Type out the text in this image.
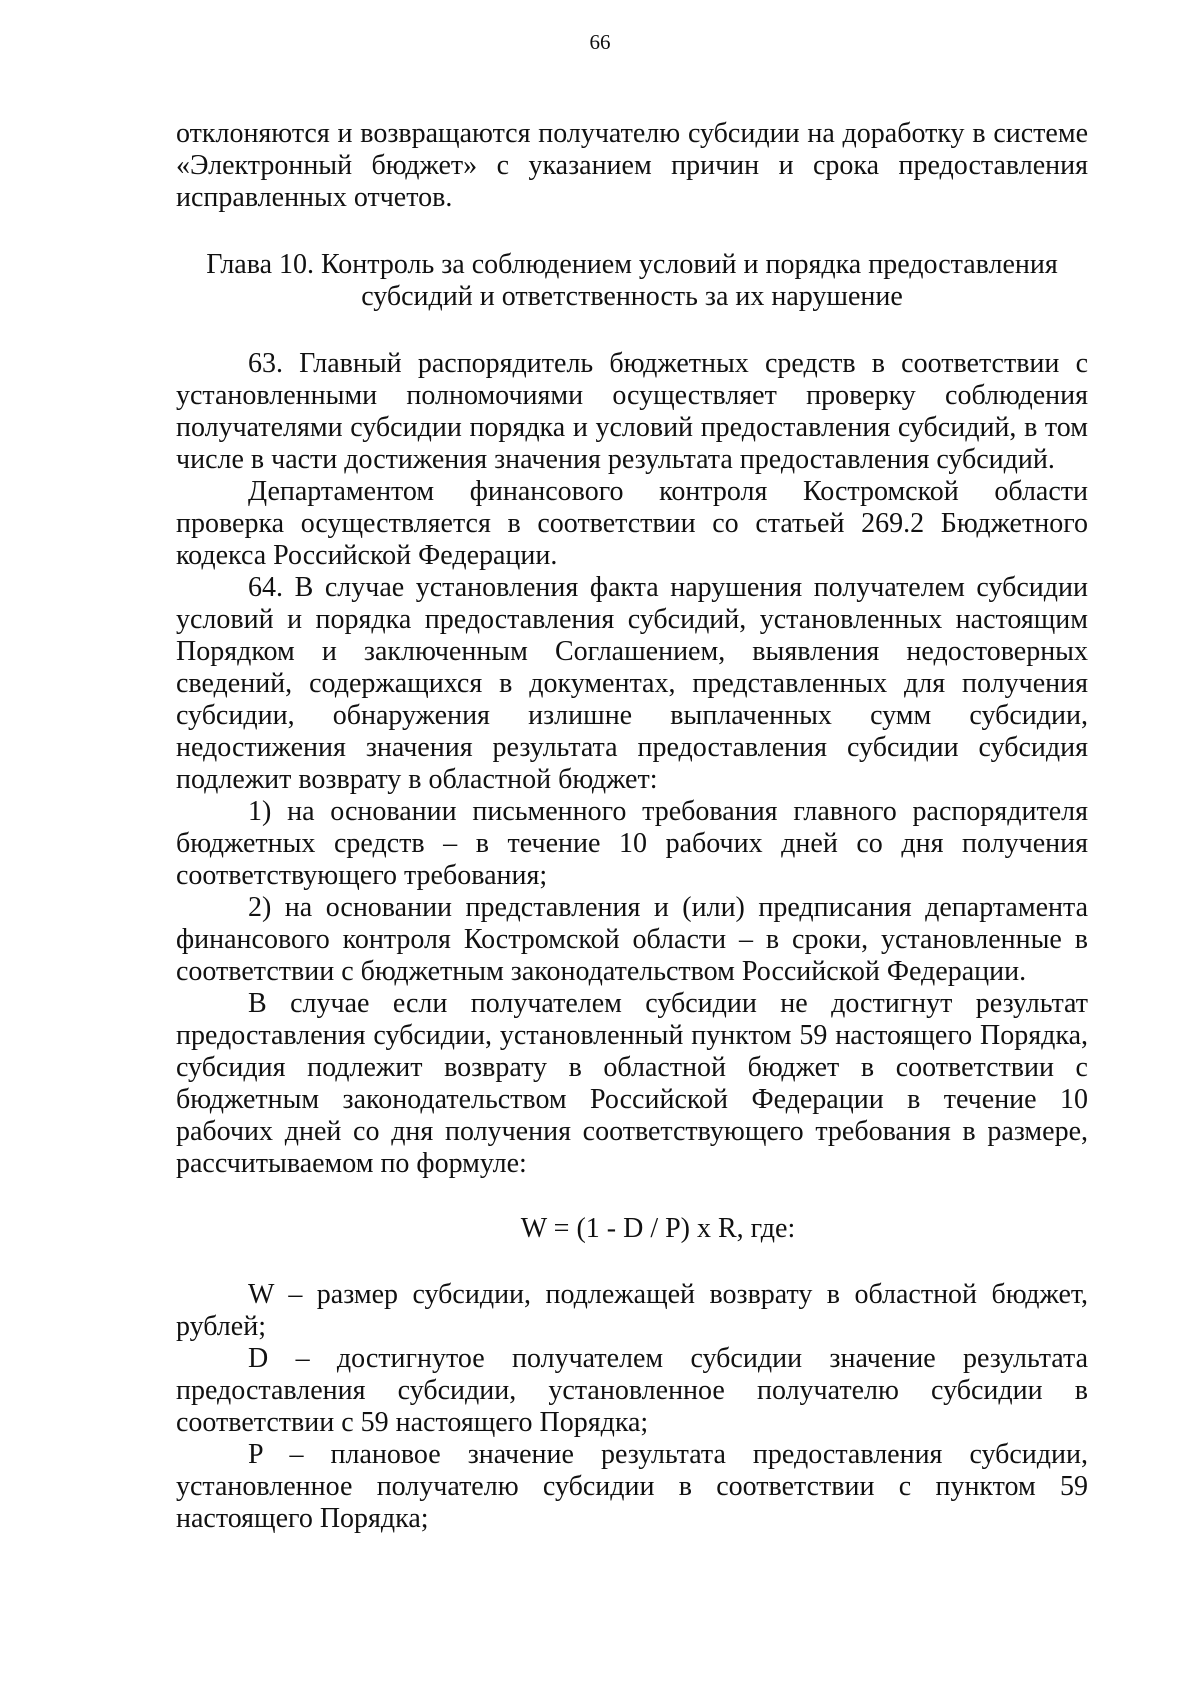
66

отклоняются и возвращаются получателю субсидии на доработку в системе «Электронный бюджет» с указанием причин и срока предоставления исправленных отчетов.

Глава 10. Контроль за соблюдением условий и порядка предоставления
субсидий и ответственность за их нарушение

63. Главный распорядитель бюджетных средств в соответствии с установленными полномочиями осуществляет проверку соблюдения получателями субсидии порядка и условий предоставления субсидий, в том числе в части достижения значения результата предоставления субсидий.

Департаментом финансового контроля Костромской области проверка осуществляется в соответствии со статьей 269.2 Бюджетного кодекса Российской Федерации.

64. В случае установления факта нарушения получателем субсидии условий и порядка предоставления субсидий, установленных настоящим Порядком и заключенным Соглашением, выявления недостоверных сведений, содержащихся в документах, представленных для получения субсидии, обнаружения излишне выплаченных сумм субсидии, недостижения значения результата предоставления субсидии субсидия подлежит возврату в областной бюджет:

1) на основании письменного требования главного распорядителя бюджетных средств – в течение 10 рабочих дней со дня получения соответствующего требования;

2) на основании представления и (или) предписания департамента финансового контроля Костромской области – в сроки, установленные в соответствии с бюджетным законодательством Российской Федерации.

В случае если получателем субсидии не достигнут результат предоставления субсидии, установленный пунктом 59 настоящего Порядка, субсидия подлежит возврату в областной бюджет в соответствии с бюджетным законодательством Российской Федерации в течение 10 рабочих дней со дня получения соответствующего требования в размере, рассчитываемом по формуле:

W = (1 - D / P) x R, где:

W – размер субсидии, подлежащей возврату в областной бюджет, рублей;

D – достигнутое получателем субсидии значение результата предоставления субсидии, установленное получателю субсидии в соответствии с 59 настоящего Порядка;

P – плановое значение результата предоставления субсидии, установленное получателю субсидии в соответствии с пунктом 59 настоящего Порядка;
